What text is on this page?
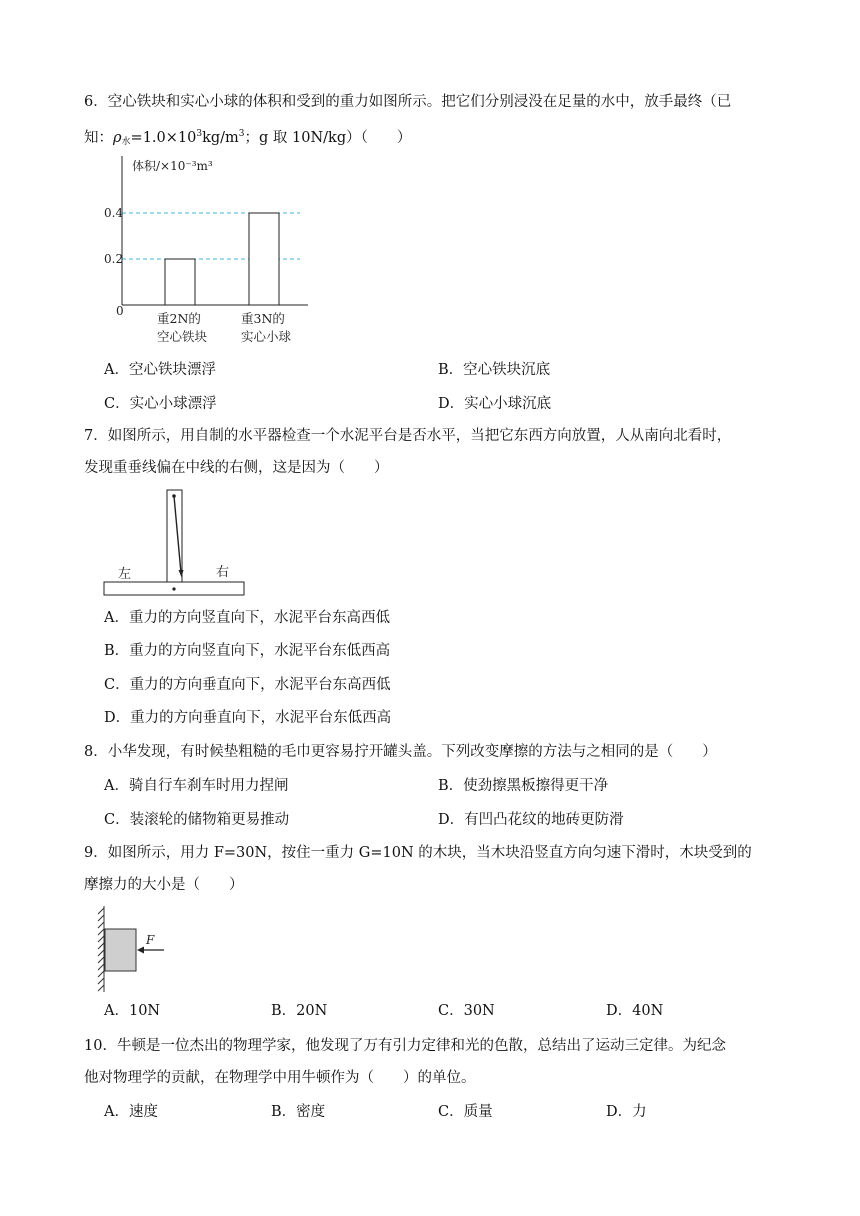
6．空心铁块和实心小球的体积和受到的重力如图所示。把它们分别浸没在足量的水中，放手最终（已
知：$\rho_水=1.0\times 10^3kg/m^3$；g 取 10N/kg）（　　）
体积/×10⁻³m³
0.4
0.2
0	重2N的
空心铁块
重3N的
实心小球
A．空心铁块漂浮	B．空心铁块沉底
C．实心小球漂浮	D．实心小球沉底
7．如图所示，用自制的水平器检查一个水泥平台是否水平，当把它东西方向放置，人从南向北看时，
发现重垂线偏在中线的右侧，这是因为（　　）
左	右
A．重力的方向竖直向下，水泥平台东高西低
B．重力的方向竖直向下，水泥平台东低西高
C．重力的方向垂直向下，水泥平台东高西低
D．重力的方向垂直向下，水泥平台东低西高
8．小华发现，有时候垫粗糙的毛巾更容易拧开罐头盖。下列改变摩擦的方法与之相同的是（　　）
A．骑自行车刹车时用力捏闸	B．使劲擦黑板擦得更干净
C．装滚轮的储物箱更易推动	D．有凹凸花纹的地砖更防滑
9．如图所示，用力 F=30N，按住一重力 G=10N 的木块，当木块沿竖直方向匀速下滑时，木块受到的
摩擦力的大小是（　　）
F
A．10N	B．20N	C．30N	D．40N
10．牛顿是一位杰出的物理学家，他发现了万有引力定律和光的色散，总结出了运动三定律。为纪念
他对物理学的贡献，在物理学中用牛顿作为（　　）的单位。
A．速度	B．密度	C．质量	D．力
